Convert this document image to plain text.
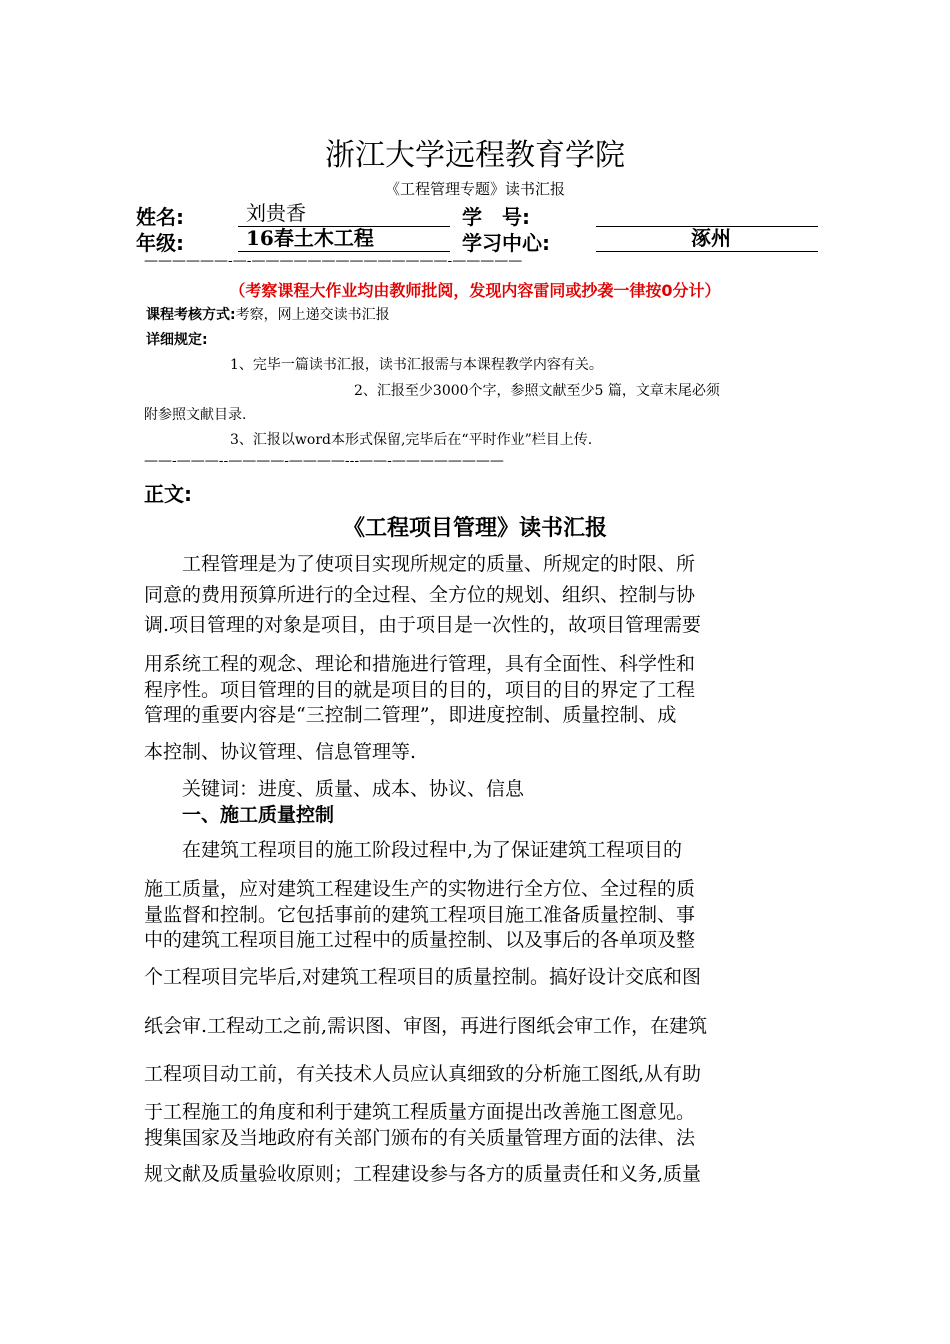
浙江大学远程教育学院
《工程管理专题》读书汇报
姓名:	刘贵香	学　号:
年级:	16春土木工程	学习中心:	涿州
——————-—-——————————————-—————
（考察课程大作业均由教师批阅，发现内容雷同或抄袭一律按0分计）
课程考核方式:考察，网上递交读书汇报
详细规定:
1、完毕一篇读书汇报，读书汇报需与本课程教学内容有关。
2、汇报至少3000个字，参照文献至少5 篇，文章末尾必须
附参照文献目录.
3、汇报以word本形式保留,完毕后在“平时作业”栏目上传.
——-———--————-————---——-————————
正文:
《工程项目管理》读书汇报
　　工程管理是为了使项目实现所规定的质量、所规定的时限、所
同意的费用预算所进行的全过程、全方位的规划、组织、控制与协
调.项目管理的对象是项目，由于项目是一次性的，故项目管理需要
用系统工程的观念、理论和措施进行管理，具有全面性、科学性和
程序性。项目管理的目的就是项目的目的，项目的目的界定了工程
管理的重要内容是“三控制二管理”，即进度控制、质量控制、成
本控制、协议管理、信息管理等.
　　关键词：进度、质量、成本、协议、信息
　　一、施工质量控制
　　在建筑工程项目的施工阶段过程中,为了保证建筑工程项目的
施工质量，应对建筑工程建设生产的实物进行全方位、全过程的质
量监督和控制。它包括事前的建筑工程项目施工准备质量控制、事
中的建筑工程项目施工过程中的质量控制、以及事后的各单项及整
个工程项目完毕后,对建筑工程项目的质量控制。搞好设计交底和图
纸会审.工程动工之前,需识图、审图，再进行图纸会审工作，在建筑
工程项目动工前，有关技术人员应认真细致的分析施工图纸,从有助
于工程施工的角度和利于建筑工程质量方面提出改善施工图意见。
搜集国家及当地政府有关部门颁布的有关质量管理方面的法律、法
规文献及质量验收原则；工程建设参与各方的质量责任和义务,质量
